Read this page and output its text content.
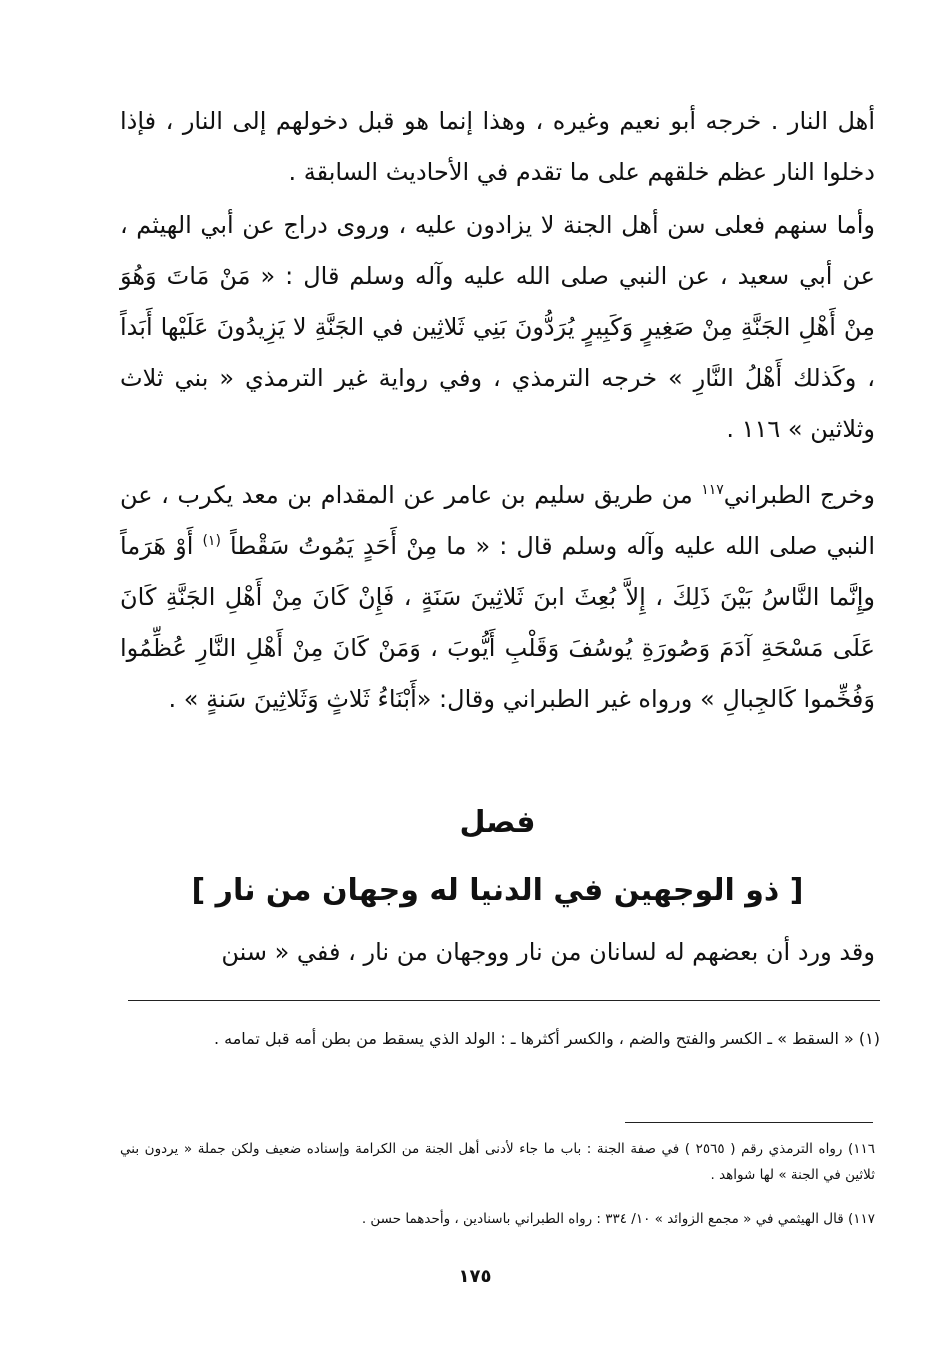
أهل النار . خرجه أبو نعيم وغيره ، وهذا إنما هو قبل دخولهم إلى النار ، فإذا دخلوا النار عظم خلقهم على ما تقدم في الأحاديث السابقة .

وأما سنهم فعلى سن أهل الجنة لا يزادون عليه ، وروى دراج عن أبي الهيثم ، عن أبي سعيد ، عن النبي صلى الله عليه وآله وسلم قال : « مَنْ مَاتَ وَهُوَ مِنْ أَهْلِ الجَنَّةِ مِنْ صَغِيرٍ وَكَبِيرٍ يُرَدُّونَ بَنِي ثَلاثِين في الجَنَّةِ لا يَزِيدُونَ عَلَيْها أَبَداً ، وكَذلك أَهْلُ النَّارِ » خرجه الترمذي ، وفي رواية غير الترمذي « بني ثلاث وثلاثين » ١١٦ .

وخرج الطبراني$^{١١٧}$ من طريق سليم بن عامر عن المقدام بن معد يكرب ، عن النبي صلى الله عليه وآله وسلم قال : « ما مِنْ أَحَدٍ يَمُوتُ سَقْطاً $^{(١)}$ أَوْ هَرَماً وإِنَّما النَّاسُ بَيْنَ ذَلِكَ ، إِلاَّ بُعِثَ ابنَ ثَلاثِينَ سَنَةٍ ، فَإِنْ كَانَ مِنْ أَهْلِ الجَنَّةِ كَانَ عَلَى مَسْحَةِ آدَمَ وَصُورَةِ يُوسُفَ وَقَلْبِ أَيُّوبَ ، وَمَنْ كَانَ مِنْ أَهْلِ النَّارِ عُظِّمُوا وَفُخِّموا كَالجِبالِ » ورواه غير الطبراني وقال: «أَبْنَاءُ ثَلاثٍ وَثَلاثِينَ سَنةٍ » .

فصل
[ ذو الوجهين في الدنيا له وجهان من نار ]

وقد ورد أن بعضهم له لسانان من نار ووجهان من نار ، ففي « سنن

(١) « السقط » ـ الكسر والفتح والضم ، والكسر أكثرها ـ : الولد الذي يسقط من بطن أمه قبل تمامه .

١١٦) رواه الترمذي رقم ( ٢٥٦٥ ) في صفة الجنة : باب ما جاء لأدنى أهل الجنة من الكرامة وإسناده ضعيف ولكن جملة « يردون بني ثلاثين في الجنة » لها شواهد .

١١٧) قال الهيثمي في « مجمع الزوائد » ١٠/ ٣٣٤ : رواه الطبراني باسنادين ، وأحدهما حسن .

١٧٥
